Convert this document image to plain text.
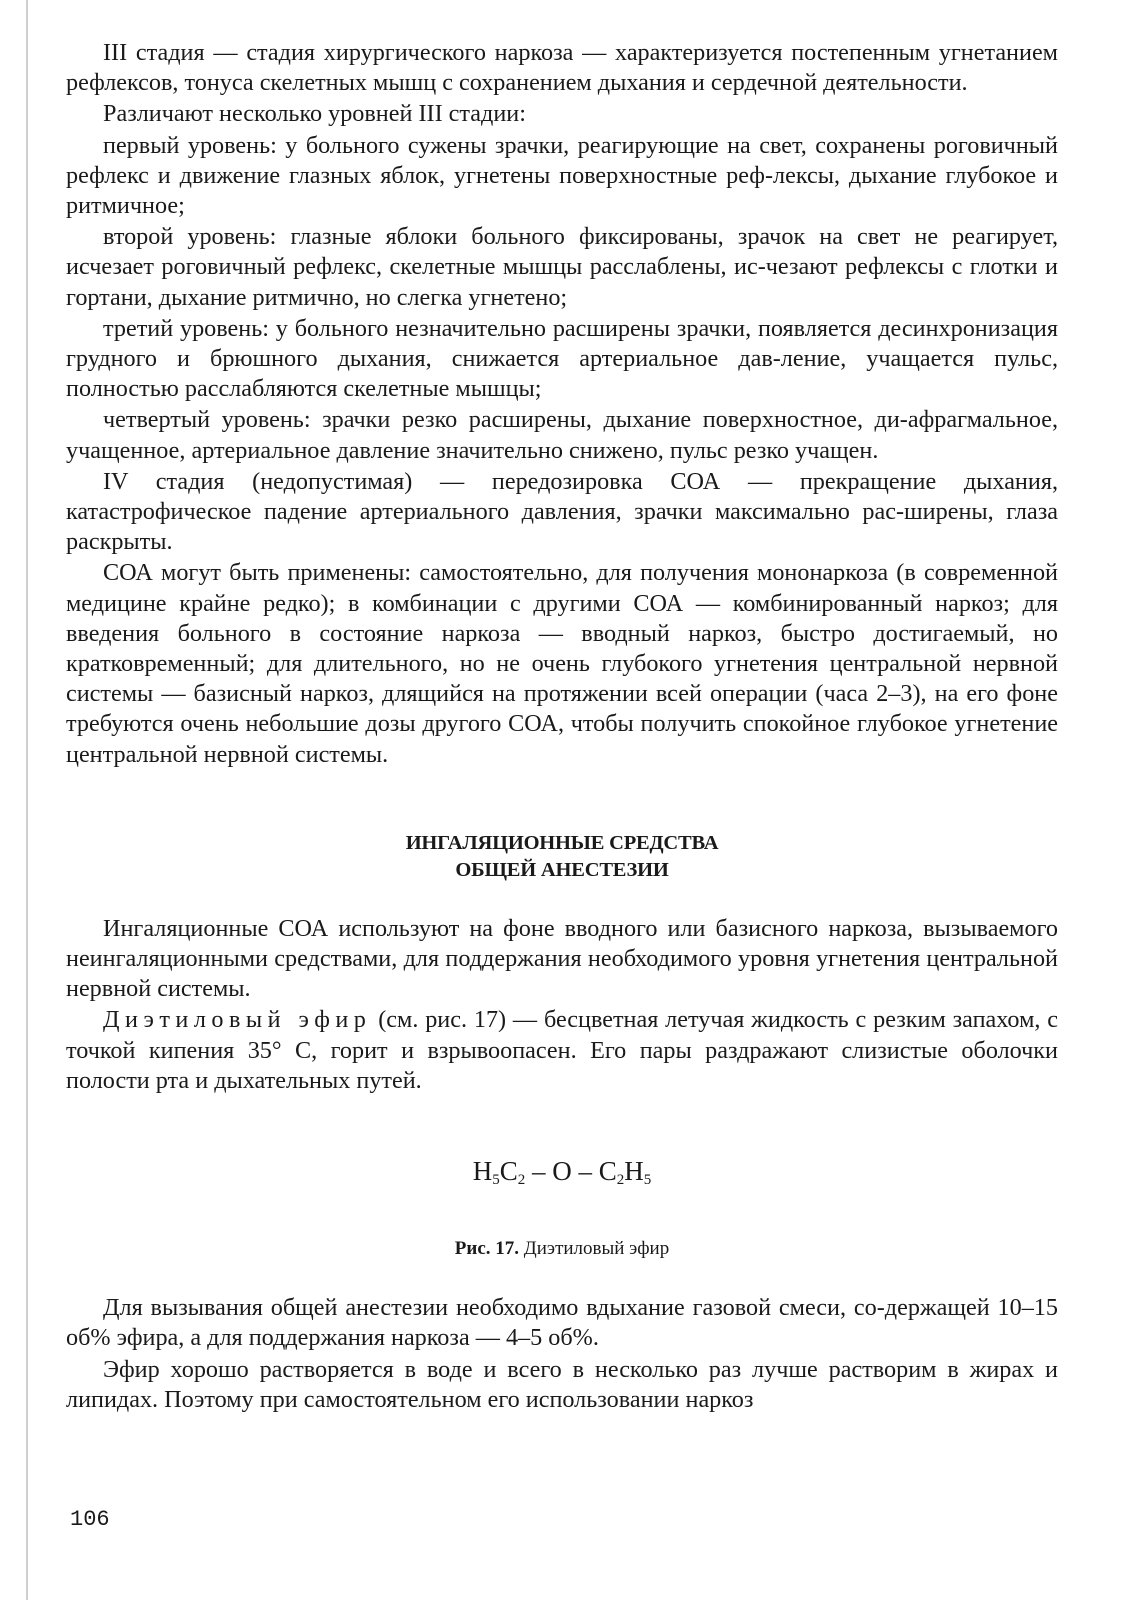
III стадия — стадия хирургического наркоза — характеризуется постепенным угнетанием рефлексов, тонуса скелетных мышц с сохранением дыхания и сердечной деятельности.

Различают несколько уровней III стадии:

первый уровень: у больного сужены зрачки, реагирующие на свет, сохранены роговичный рефлекс и движение глазных яблок, угнетены поверхностные реф-лексы, дыхание глубокое и ритмичное;

второй уровень: глазные яблоки больного фиксированы, зрачок на свет не реагирует, исчезает роговичный рефлекс, скелетные мышцы расслаблены, ис-чезают рефлексы с глотки и гортани, дыхание ритмично, но слегка угнетено;

третий уровень: у больного незначительно расширены зрачки, появляется десинхронизация грудного и брюшного дыхания, снижается артериальное дав-ление, учащается пульс, полностью расслабляются скелетные мышцы;

четвертый уровень: зрачки резко расширены, дыхание поверхностное, ди-афрагмальное, учащенное, артериальное давление значительно снижено, пульс резко учащен.

IV стадия (недопустимая) — передозировка СОА — прекращение дыхания, катастрофическое падение артериального давления, зрачки максимально рас-ширены, глаза раскрыты.

СОА могут быть применены: самостоятельно, для получения мононаркоза (в современной медицине крайне редко); в комбинации с другими СОА — комбинированный наркоз; для введения больного в состояние наркоза — вводный наркоз, быстро достигаемый, но кратковременный; для длительного, но не очень глубокого угнетения центральной нервной системы — базисный наркоз, длящийся на протяжении всей операции (часа 2–3), на его фоне требуются очень небольшие дозы другого СОА, чтобы получить спокойное глубокое угнетение центральной нервной системы.

ИНГАЛЯЦИОННЫЕ СРЕДСТВА
ОБЩЕЙ АНЕСТЕЗИИ

Ингаляционные СОА используют на фоне вводного или базисного наркоза, вызываемого неингаляционными средствами, для поддержания необходимого уровня угнетения центральной нервной системы.

Диэтиловый эфир (см. рис. 17) — бесцветная летучая жидкость с резким запахом, с точкой кипения 35° С, горит и взрывоопасен. Его пары раздражают слизистые оболочки полости рта и дыхательных путей.

$H_5C_2$ – O – $C_2H_5$
Рис. 17. Диэтиловый эфир

Для вызывания общей анестезии необходимо вдыхание газовой смеси, со-держащей 10–15 об% эфира, а для поддержания наркоза — 4–5 об%.

Эфир хорошо растворяется в воде и всего в несколько раз лучше растворим в жирах и липидах. Поэтому при самостоятельном его использовании наркоз

106
